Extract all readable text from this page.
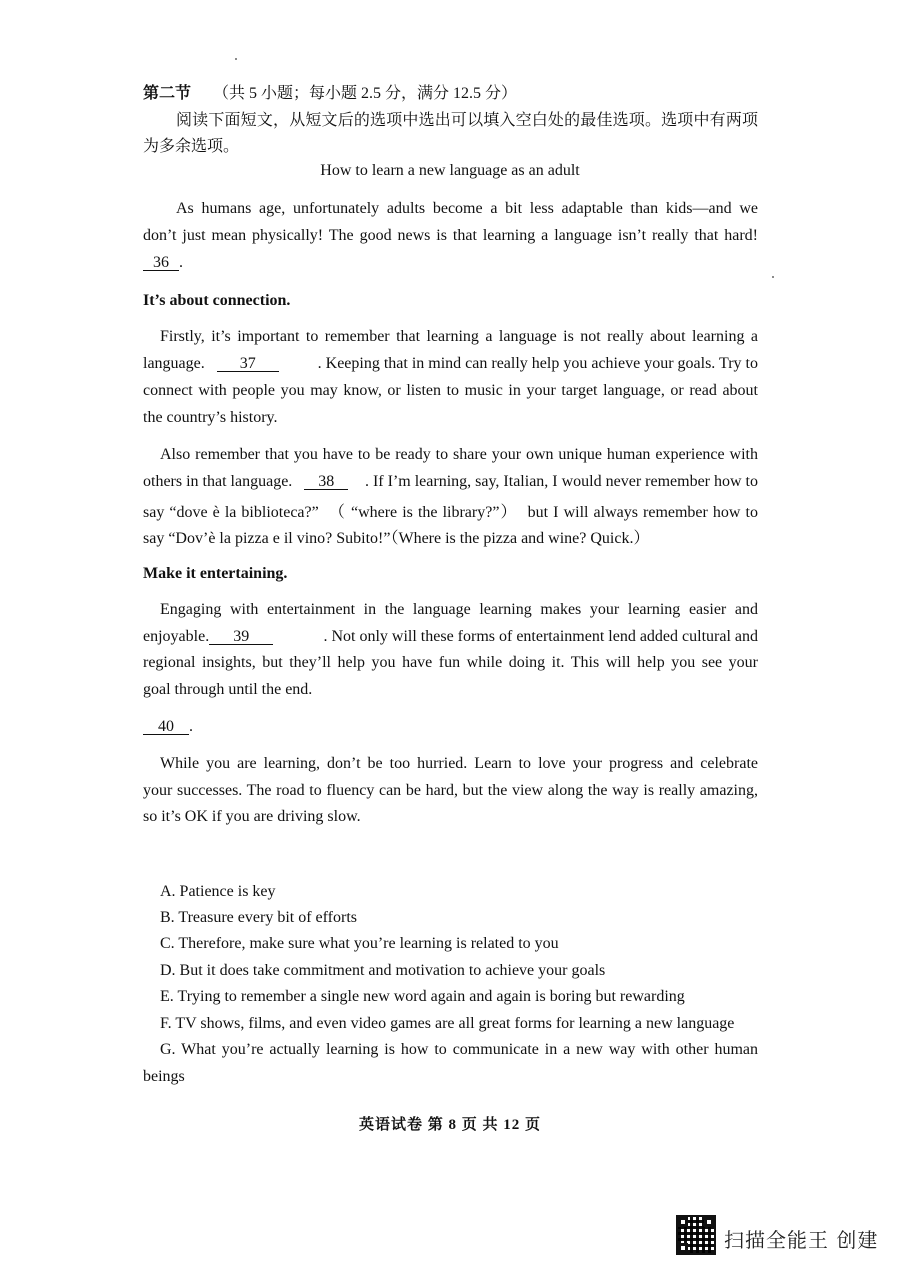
第二节 （共 5 小题；每小题 2.5 分，满分 12.5 分）
阅读下面短文，从短文后的选项中选出可以填入空白处的最佳选项。选项中有两项
为多余选项。
How to learn a new language as an adult
As humans age, unfortunately adults become a bit less adaptable than kids—and we
don’t just mean physically! The good news is that learning a language isn’t really that hard!
36 .
It’s about connection.
Firstly, it’s important to remember that learning a language is not really about learning a
language. 37	. Keeping that in mind can really help you achieve your goals. Try to
connect with people you may know, or listen to music in your target language, or read about
the country’s history.
Also remember that you have to be ready to share your own unique human experience with
others in that language. 38	. If I’m learning, say, Italian, I would never remember how to
say “dove è la biblioteca?”  （ “where is the library?”）  but I will always remember how to
say “Dov’è la pizza e il vino? Subito!”（Where is the pizza and wine? Quick.）
Make it entertaining.
Engaging with entertainment in the language learning makes your learning easier and
enjoyable. 39	. Not only will these forms of entertainment lend added cultural and
regional insights, but they’ll help you have fun while doing it. This will help you see your
goal through until the end.
40 .
While you are learning, don’t be too hurried. Learn to love your progress and celebrate
your successes. The road to fluency can be hard, but the view along the way is really amazing,
so it’s OK if you are driving slow.
A. Patience is key
B. Treasure every bit of efforts
C. Therefore, make sure what you’re learning is related to you
D. But it does take commitment and motivation to achieve your goals
E. Trying to remember a single new word again and again is boring but rewarding
F. TV shows, films, and even video games are all great forms for learning a new language
G. What you’re actually learning is how to communicate in a new way with other human
beings
英语试卷 第 8 页 共 12 页
扫描全能王 创建
